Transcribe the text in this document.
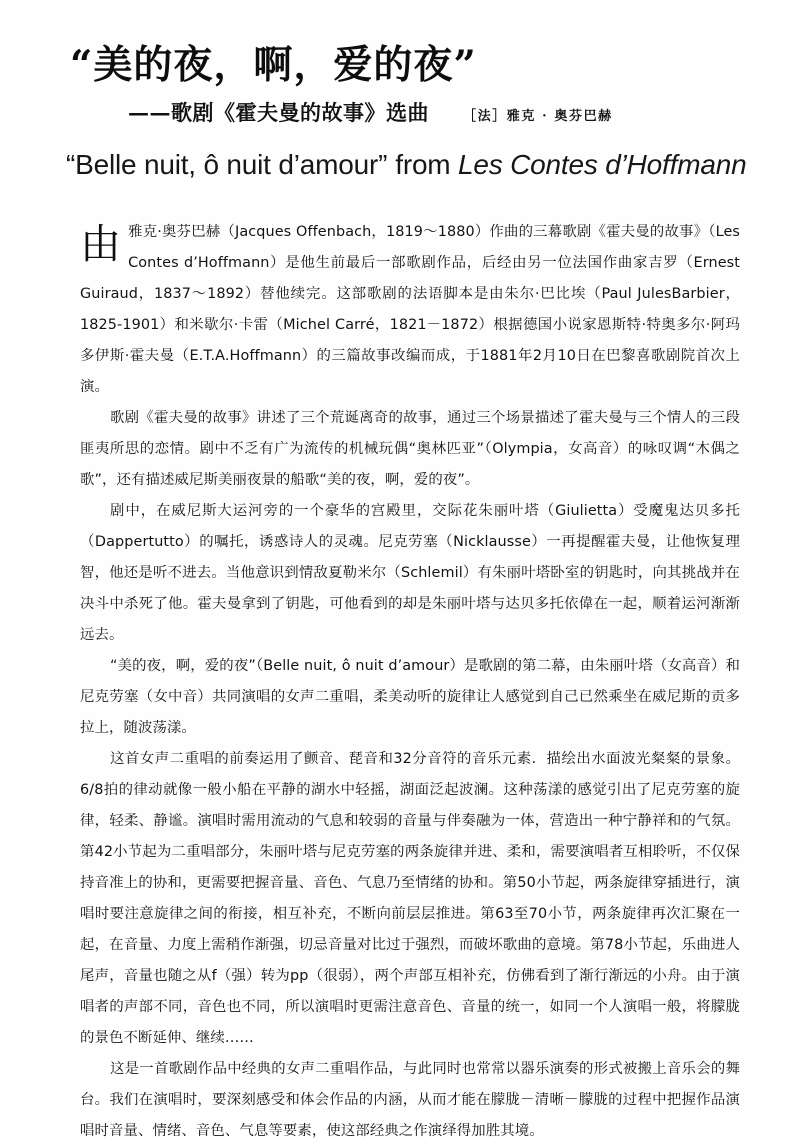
“美的夜，啊，爱的夜”
——歌剧《霍夫曼的故事》选曲	［法］雅克 · 奥芬巴赫
“Belle nuit, ô nuit d’amour” from Les Contes d’Hoffmann

由雅克·奥芬巴赫（Jacques Offenbach，1819～1880）作曲的三幕歌剧《霍夫曼的故事》（Les Contes d’Hoffmann）是他生前最后一部歌剧作品，后经由另一位法国作曲家吉罗（Ernest Guiraud，1837～1892）替他续完。这部歌剧的法语脚本是由朱尔·巴比埃（Paul JulesBarbier，1825-1901）和米歇尔·卡雷（Michel Carré，1821－1872）根据德国小说家恩斯特·特奥多尔·阿玛多伊斯·霍夫曼（E.T.A.Hoffmann）的三篇故事改编而成，于1881年2月10日在巴黎喜歌剧院首次上演。

歌剧《霍夫曼的故事》讲述了三个荒诞离奇的故事，通过三个场景描述了霍夫曼与三个情人的三段匪夷所思的恋情。剧中不乏有广为流传的机械玩偶“奥林匹亚”（Olympia，女高音）的咏叹调“木偶之歌”，还有描述威尼斯美丽夜景的船歌“美的夜，啊，爱的夜”。

剧中，在威尼斯大运河旁的一个豪华的宫殿里，交际花朱丽叶塔（Giulietta）受魔鬼达贝多托（Dappertutto）的嘱托，诱惑诗人的灵魂。尼克劳塞（Nicklausse）一再提醒霍夫曼，让他恢复理智，他还是听不进去。当他意识到情敌夏勒米尔（Schlemil）有朱丽叶塔卧室的钥匙时，向其挑战并在决斗中杀死了他。霍夫曼拿到了钥匙，可他看到的却是朱丽叶塔与达贝多托依偉在一起，顺着运河渐渐远去。

“美的夜，啊，爱的夜”（Belle nuit, ô nuit d’amour）是歌剧的第二幕，由朱丽叶塔（女高音）和尼克劳塞（女中音）共同演唱的女声二重唱，柔美动听的旋律让人感觉到自己已然乘坐在威尼斯的贡多拉上，随波荡漾。

这首女声二重唱的前奏运用了颤音、琵音和32分音符的音乐元素．描绘出水面波光粲粲的景象。 6/8拍的律动就像一般小船在平静的湖水中轻摇，湖面泛起波澜。这种荡漾的感觉引出了尼克劳塞的旋律，轻柔、静谧。演唱时需用流动的气息和较弱的音量与伴奏融为一体，营造出一种宁静祥和的气氛。第42小节起为二重唱部分，朱丽叶塔与尼克劳塞的两条旋律并进、柔和，需要演唱者互相聆听，不仅保持音准上的协和，更需要把握音量、音色、气息乃至情绪的协和。第50小节起，两条旋律穿插进行，演唱时要注意旋律之间的衔接，相互补充，不断向前层层推进。第63至70小节，两条旋律再次汇聚在一起，在音量、力度上需稍作渐强，切忌音量对比过于强烈，而破坏歌曲的意境。第78小节起，乐曲进人尾声，音量也随之从f（强）转为pp（很弱），两个声部互相补充，仿佛看到了渐行渐远的小舟。由于演唱者的声部不同，音色也不同，所以演唱时更需注意音色、音量的统一，如同一个人演唱一般，将朦胧的景色不断延伸、继续……

这是一首歌剧作品中经典的女声二重唱作品，与此同时也常常以器乐演奏的形式被搬上音乐会的舞台。我们在演唱时，要深刻感受和体会作品的内涵，从而才能在朦胧－清晰－朦胧的过程中把握作品演唱时音量、情绪、音色、气息等要素，使这部经典之作演绎得加胜其境。
